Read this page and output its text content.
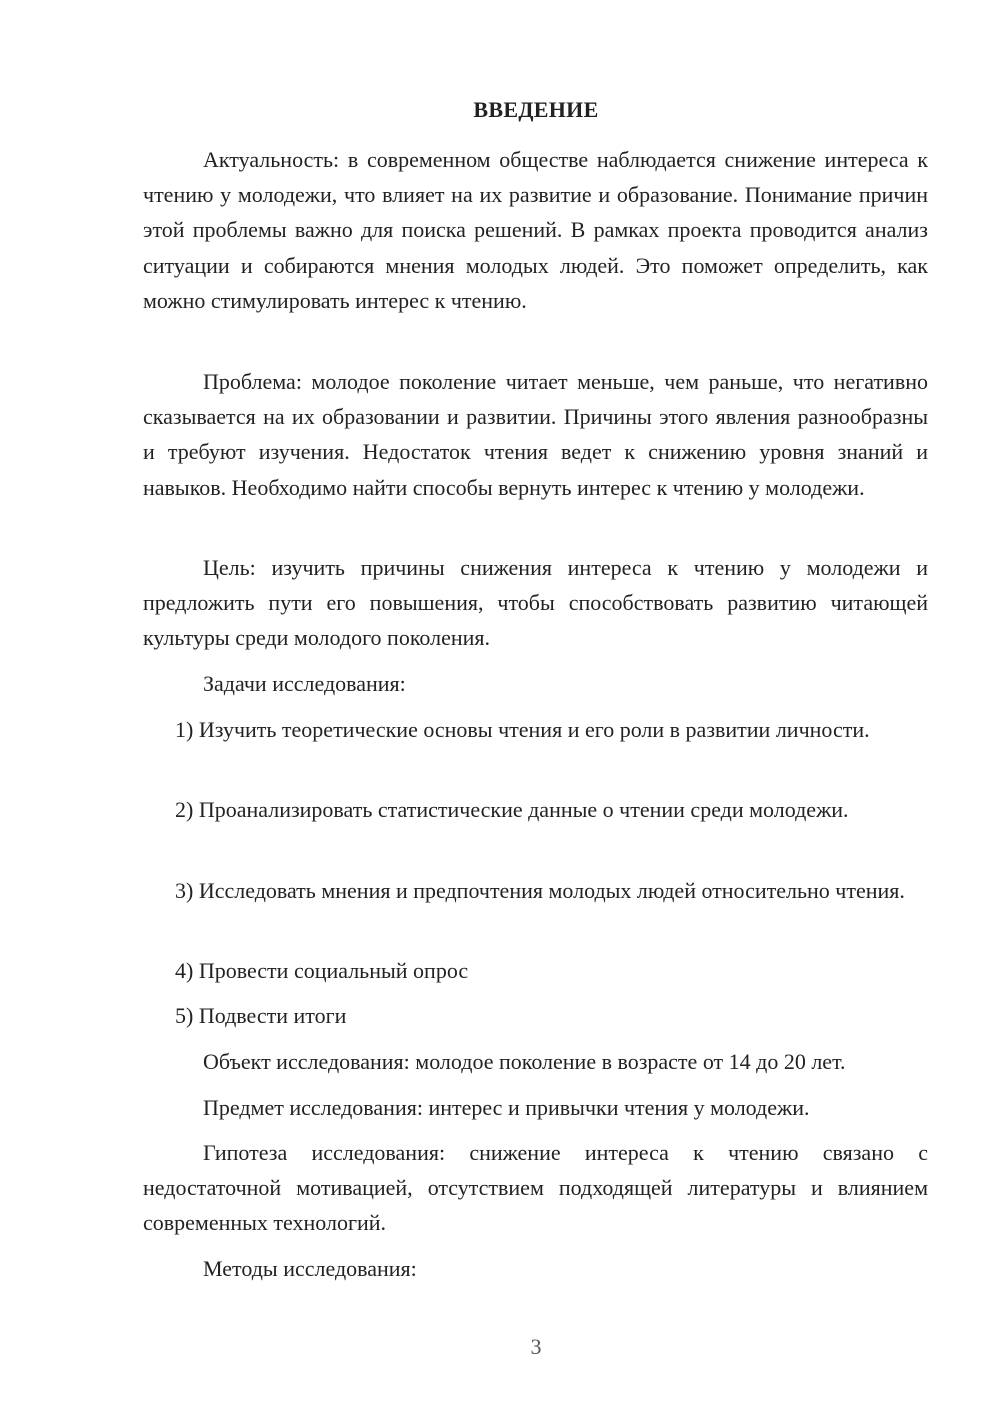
ВВЕДЕНИЕ

Актуальность: в современном обществе наблюдается снижение интереса к чтению у молодежи, что влияет на их развитие и образование. Понимание причин этой проблемы важно для поиска решений. В рамках проекта проводится анализ ситуации и собираются мнения молодых людей. Это поможет определить, как можно стимулировать интерес к чтению.

Проблема: молодое поколение читает меньше, чем раньше, что негативно сказывается на их образовании и развитии. Причины этого явления разнообразны и требуют изучения. Недостаток чтения ведет к снижению уровня знаний и навыков. Необходимо найти способы вернуть интерес к чтению у молодежи.

Цель: изучить причины снижения интереса к чтению у молодежи и предложить пути его повышения, чтобы способствовать развитию читающей культуры среди молодого поколения.

Задачи исследования:

1) Изучить теоретические основы чтения и его роли в развитии личности.

2) Проанализировать статистические данные о чтении среди молодежи.

3) Исследовать мнения и предпочтения молодых людей относительно чтения.

4) Провести социальный опрос

5) Подвести итоги

Объект исследования: молодое поколение в возрасте от 14 до 20 лет.

Предмет исследования: интерес и привычки чтения у молодежи.

Гипотеза исследования: снижение интереса к чтению связано с недостаточной мотивацией, отсутствием подходящей литературы и влиянием современных технологий.

Методы исследования:

3
